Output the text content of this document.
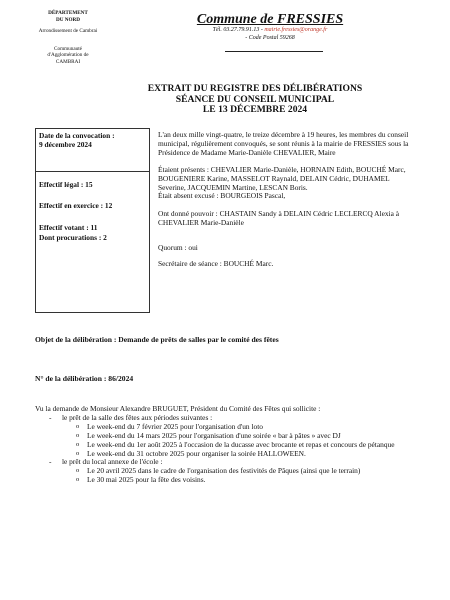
DÉPARTEMENT
DU NORD
Arrondissement de Cambrai
Communauté
d'Agglomération de
CAMBRAI
Commune de FRESSIES
Tél. 03.27.79.91.13 - mairie.fressies@orange.fr
- Code Postal 59268
EXTRAIT DU REGISTRE DES DÉLIBÉRATIONS
SÉANCE DU CONSEIL MUNICIPAL
LE 13 DÉCEMBRE 2024
Date de la convocation :
9 décembre 2024
Effectif légal : 15
Effectif en exercice : 12
Effectif votant : 11
Dont procurations : 2

L'an deux mille vingt-quatre, le treize décembre à 19 heures, les membres du conseil municipal, régulièrement convoqués, se sont réunis à la mairie de FRESSIES sous la Présidence de Madame Marie-Danièle CHEVALIER, Maire

Étaient présents : CHEVALIER Marie-Danièle, HORNAIN Edith, BOUCHÉ Marc, BOUGENIERE Karine, MASSELOT Raynald, DELAIN Cédric, DUHAMEL Severine, JACQUEMIN Martine, LESCAN Boris.

Était absent excusé : BOURGEOIS Pascal,

Ont donné pouvoir : CHASTAIN Sandy à DELAIN Cédric LECLERCQ Alexia à CHEVALIER Marie-Danièle

Quorum : oui

Secrétaire de séance : BOUCHÉ Marc.

Objet de la délibération : Demande de prêts de salles par le comité des fêtes
N° de la délibération : 86/2024
Vu la demande de Monsieur Alexandre BRUGUET, Président du Comité des Fêtes qui sollicite :
- le prêt de la salle des fêtes aux périodes suivantes :
o Le week-end du 7 février 2025 pour l'organisation d'un loto
o Le week-end du 14 mars 2025 pour l'organisation d'une soirée « bar à pâtes » avec DJ
o Le week-end du 1er août 2025 à l'occasion de la ducasse avec brocante et repas et concours de pétanque
o Le week-end du 31 octobre 2025 pour organiser la soirée HALLOWEEN.
- le prêt du local annexe de l'école :
o Le 20 avril 2025 dans le cadre de l'organisation des festivités de Pâques (ainsi que le terrain)
o Le 30 mai 2025 pour la fête des voisins.
